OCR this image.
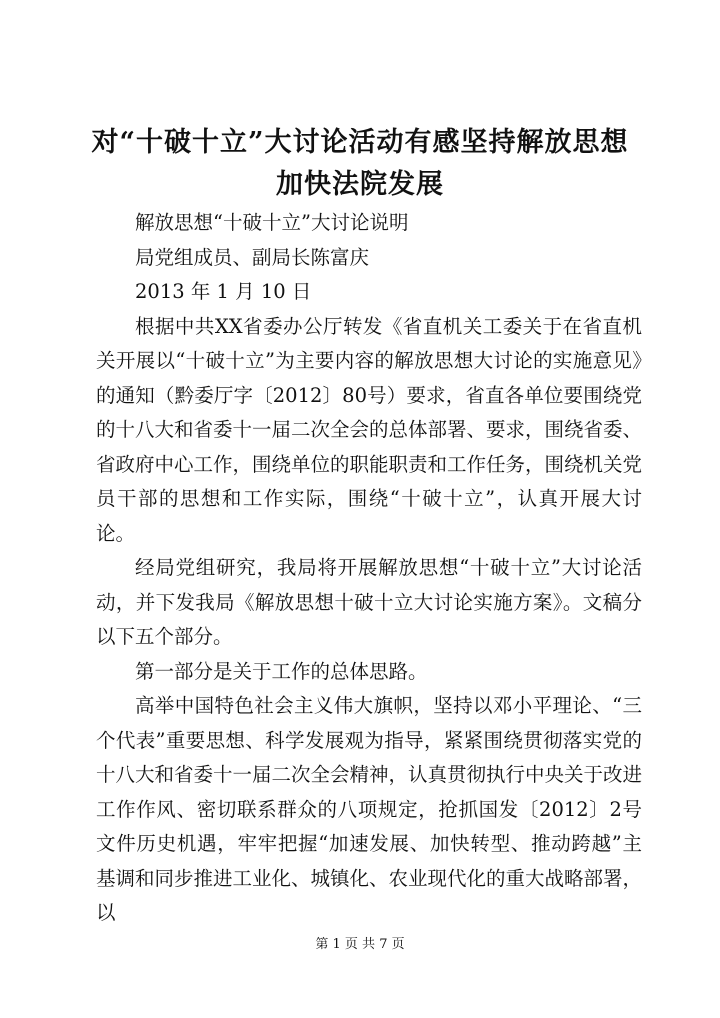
对“十破十立”大讨论活动有感坚持解放思想
加快法院发展

解放思想“十破十立”大讨论说明

局党组成员、副局长陈富庆

2013 年 1 月 10 日

根据中共XX省委办公厅转发《省直机关工委关于在省直机关开展以“十破十立”为主要内容的解放思想大讨论的实施意见》的通知（黔委厅字〔2012〕80号）要求，省直各单位要围绕党的十八大和省委十一届二次全会的总体部署、要求，围绕省委、省政府中心工作，围绕单位的职能职责和工作任务，围绕机关党员干部的思想和工作实际，围绕“十破十立”，认真开展大讨论。

经局党组研究，我局将开展解放思想“十破十立”大讨论活动，并下发我局《解放思想十破十立大讨论实施方案》。文稿分以下五个部分。

第一部分是关于工作的总体思路。

高举中国特色社会主义伟大旗帜，坚持以邓小平理论、“三个代表”重要思想、科学发展观为指导，紧紧围绕贯彻落实党的十八大和省委十一届二次全会精神，认真贯彻执行中央关于改进工作作风、密切联系群众的八项规定，抢抓国发〔2012〕2号文件历史机遇，牢牢把握“加速发展、加快转型、推动跨越”主基调和同步推进工业化、城镇化、农业现代化的重大战略部署，以

第 1 页 共 7 页
